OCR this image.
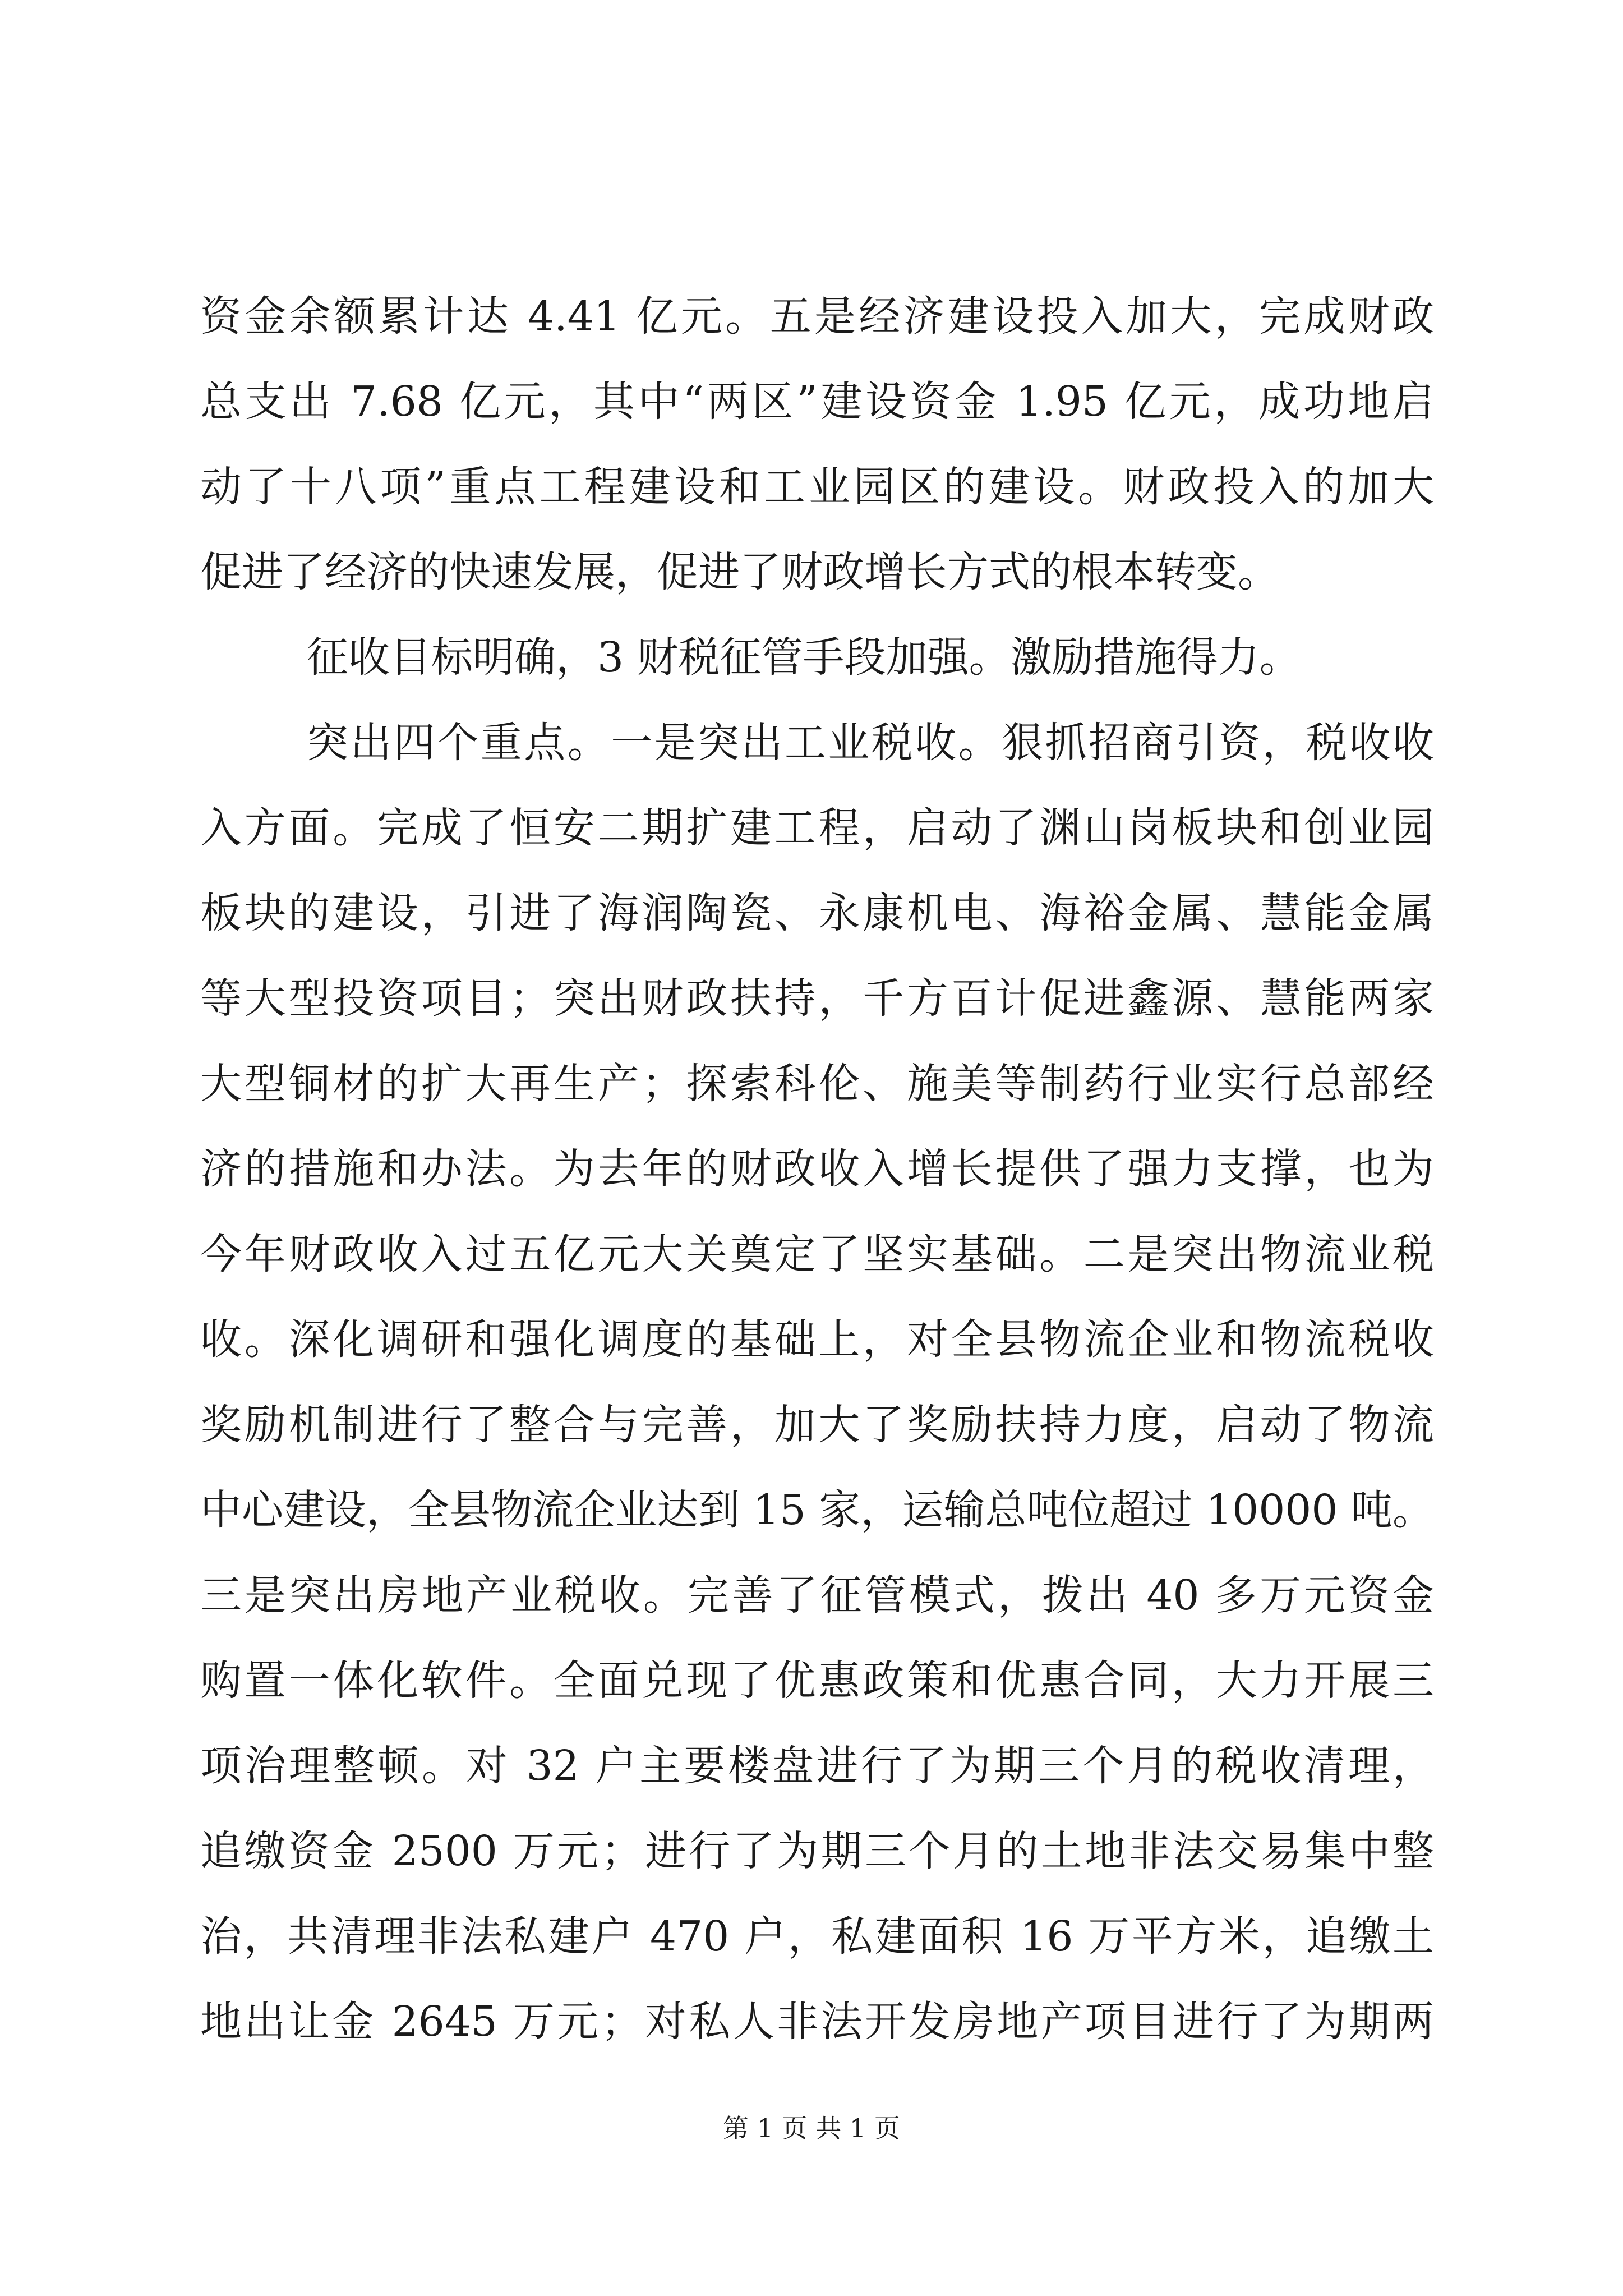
资金余额累计达 4.41 亿元。五是经济建设投入加大，完成财政
总支出 7.68 亿元，其中“两区”建设资金 1.95 亿元，成功地启
动了十八项”重点工程建设和工业园区的建设。财政投入的加大
促进了经济的快速发展，促进了财政增长方式的根本转变。
征收目标明确，3 财税征管手段加强。激励措施得力。
突出四个重点。一是突出工业税收。狠抓招商引资，税收收
入方面。完成了恒安二期扩建工程，启动了渊山岗板块和创业园
板块的建设，引进了海润陶瓷、永康机电、海裕金属、慧能金属
等大型投资项目；突出财政扶持，千方百计促进鑫源、慧能两家
大型铜材的扩大再生产；探索科伦、施美等制药行业实行总部经
济的措施和办法。为去年的财政收入增长提供了强力支撑，也为
今年财政收入过五亿元大关奠定了坚实基础。二是突出物流业税
收。深化调研和强化调度的基础上，对全县物流企业和物流税收
奖励机制进行了整合与完善，加大了奖励扶持力度，启动了物流
中心建设，全县物流企业达到 15 家，运输总吨位超过 10000 吨。
三是突出房地产业税收。完善了征管模式，拨出 40 多万元资金
购置一体化软件。全面兑现了优惠政策和优惠合同，大力开展三
项治理整顿。对 32 户主要楼盘进行了为期三个月的税收清理，
追缴资金 2500 万元；进行了为期三个月的土地非法交易集中整
治，共清理非法私建户 470 户，私建面积 16 万平方米，追缴土
地出让金 2645 万元；对私人非法开发房地产项目进行了为期两
第 1 页 共 1 页
